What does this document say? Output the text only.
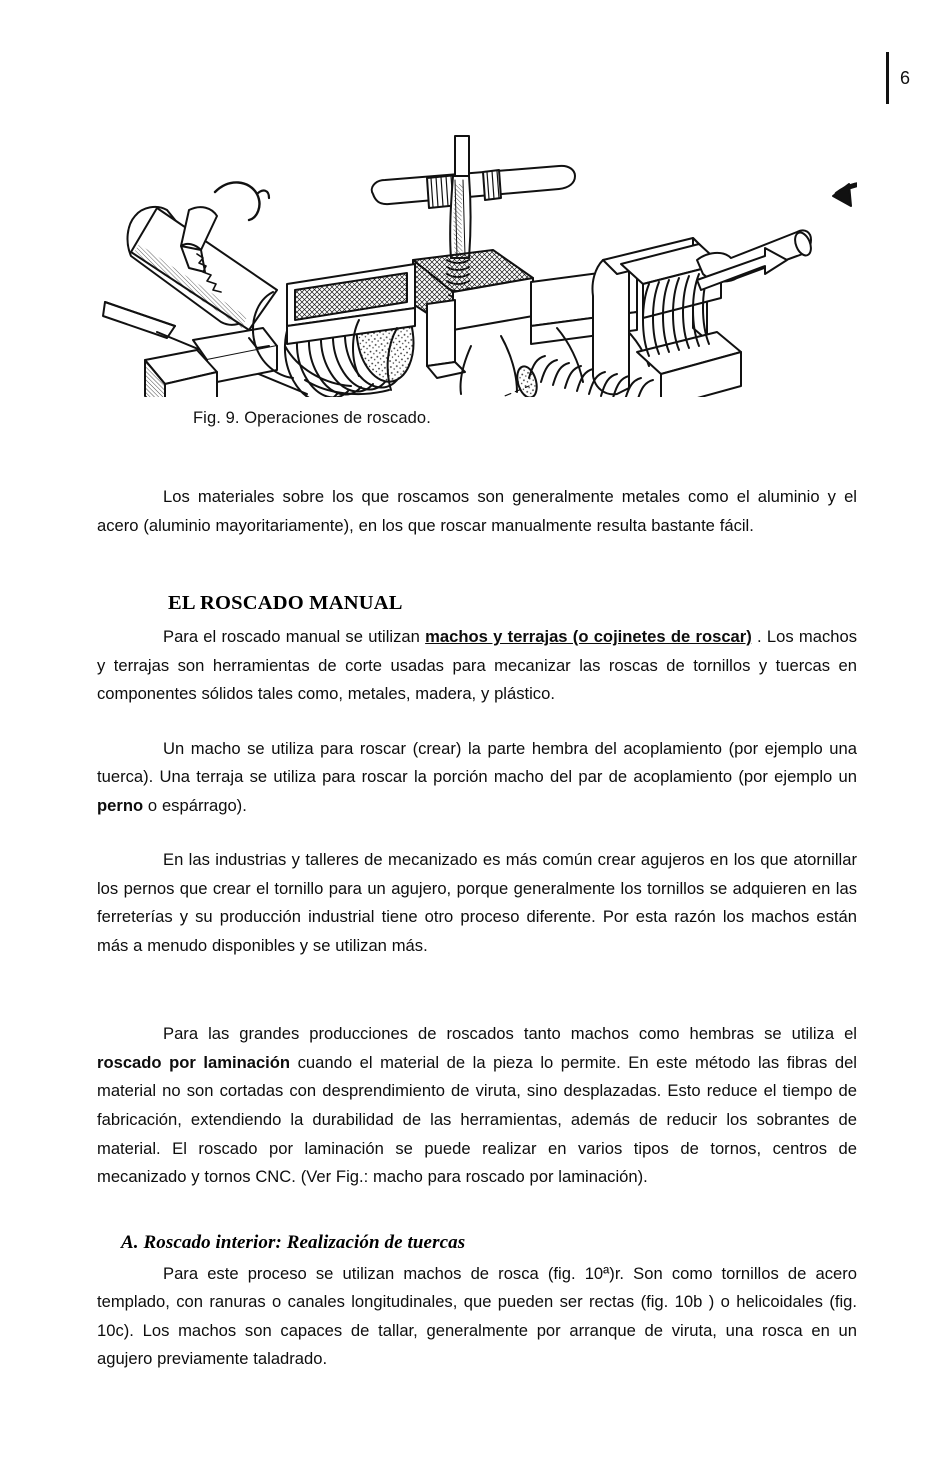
6
Fig. 9. Operaciones de roscado.

Los materiales sobre los que roscamos son generalmente metales como el aluminio y el acero (aluminio mayoritariamente), en los que roscar manualmente resulta bastante fácil.

EL ROSCADO MANUAL

Para el roscado manual se utilizan machos y terrajas (o cojinetes de roscar) . Los machos y terrajas son herramientas de corte usadas para mecanizar las roscas de tornillos y tuercas en componentes sólidos tales como, metales, madera, y plástico.

Un macho se utiliza para roscar (crear) la parte hembra del acoplamiento (por ejemplo una tuerca). Una terraja se utiliza para roscar la porción macho del par de acoplamiento (por ejemplo un perno o espárrago).

En las industrias y talleres de mecanizado es más común crear agujeros en los que atornillar los pernos que crear el tornillo para un agujero, porque generalmente los tornillos se adquieren en las ferreterías y su producción industrial tiene otro proceso diferente. Por esta razón los machos están más a menudo disponibles y se utilizan más.

Para las grandes producciones de roscados tanto machos como hembras se utiliza el roscado por laminación cuando el material de la pieza lo permite. En este método las fibras del material no son cortadas con desprendimiento de viruta, sino desplazadas. Esto reduce el tiempo de fabricación, extendiendo la durabilidad de las herramientas, además de reducir los sobrantes de material. El roscado por laminación se puede realizar en varios tipos de tornos, centros de mecanizado y tornos CNC. (Ver Fig.: macho para roscado por laminación).

A. Roscado interior: Realización de tuercas

Para este proceso se utilizan machos de rosca (fig. 10ª)r. Son como tornillos de acero templado, con ranuras o canales longitudinales, que pueden ser rectas (fig. 10b ) o helicoidales (fig. 10c). Los machos son capaces de tallar, generalmente por arranque de viruta, una rosca en un agujero previamente taladrado.
